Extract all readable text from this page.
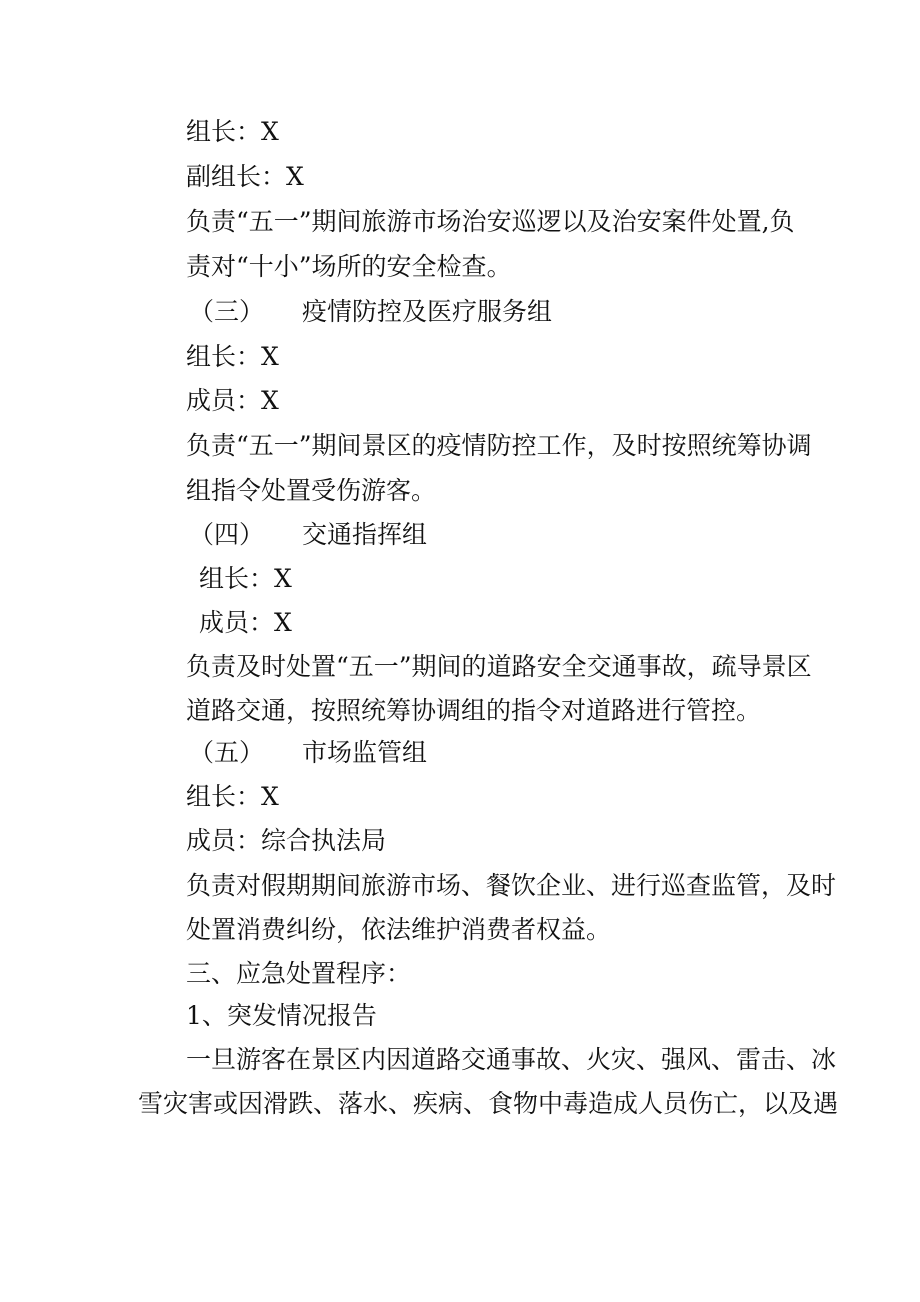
组长：X
副组长：X
负责“五一”期间旅游市场治安巡逻以及治安案件处置,负
责对“十小”场所的安全检查。
（三） 疫情防控及医疗服务组
组长：X
成员：X
负责“五一”期间景区的疫情防控工作，及时按照统筹协调
组指令处置受伤游客。
（四） 交通指挥组
组长：X
成员：X
负责及时处置“五一”期间的道路安全交通事故，疏导景区
道路交通，按照统筹协调组的指令对道路进行管控。
（五） 市场监管组
组长：X
成员：综合执法局
负责对假期期间旅游市场、餐饮企业、进行巡查监管，及时
处置消费纠纷，依法维护消费者权益。
三、应急处置程序：
1、突发情况报告
一旦游客在景区内因道路交通事故、火灾、强风、雷击、冰
雪灾害或因滑跌、落水、疾病、食物中毒造成人员伤亡，以及遇
